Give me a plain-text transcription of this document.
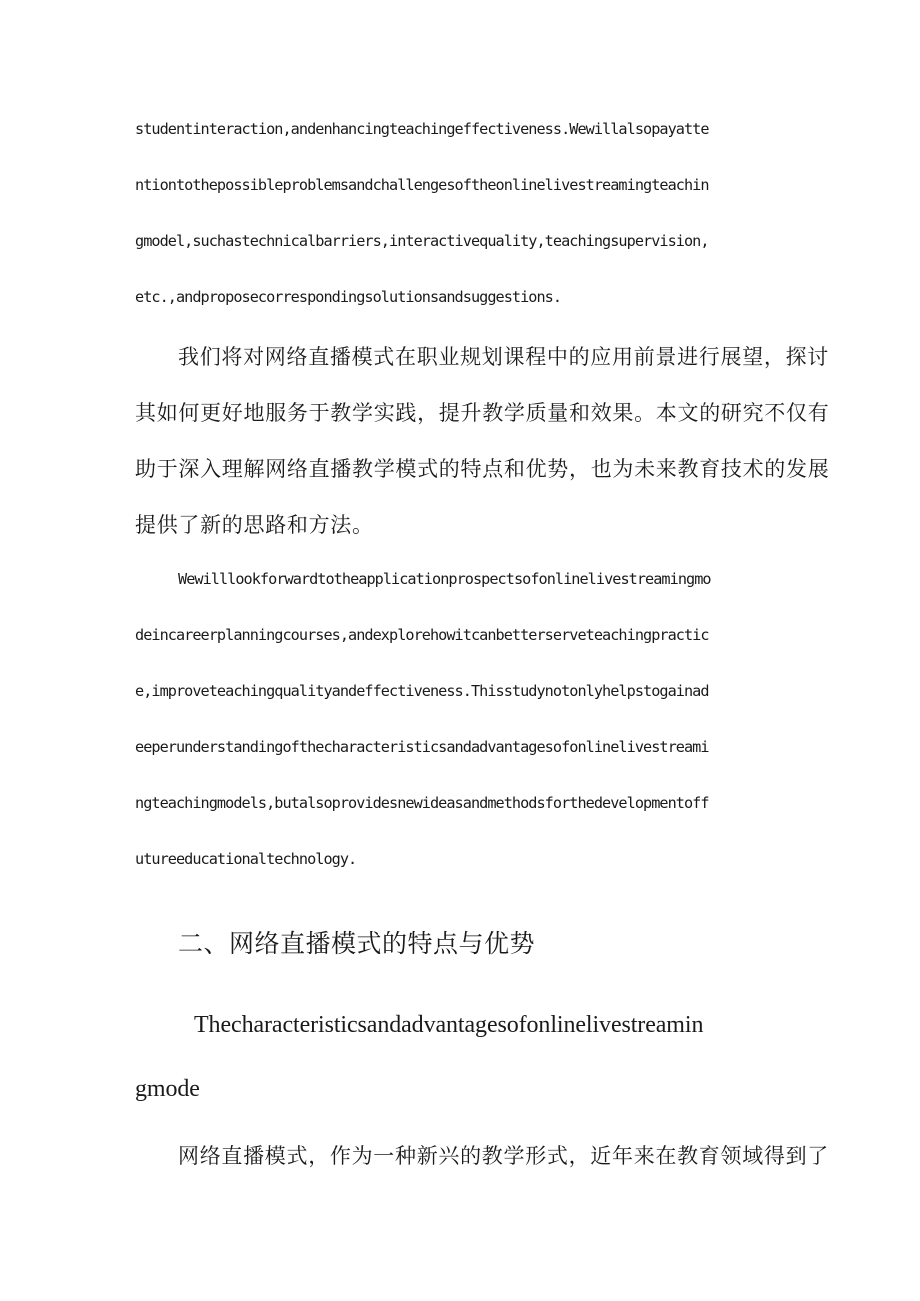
studentinteraction,andenhancingteachingeffectiveness.Wewillalsopayatte
ntiontothepossibleproblemsandchallengesoftheonlinelivestreamingteachin
gmodel,suchastechnicalbarriers,interactivequality,teachingsupervision,
etc.,andproposecorrespondingsolutionsandsuggestions.
我们将对网络直播模式在职业规划课程中的应用前景进行展望，探讨
其如何更好地服务于教学实践，提升教学质量和效果。本文的研究不仅有
助于深入理解网络直播教学模式的特点和优势，也为未来教育技术的发展
提供了新的思路和方法。
Wewilllookforwardtotheapplicationprospectsofonlinelivestreamingmo
deincareerplanningcourses,andexplorehowitcanbetterserveteachingpractic
e,improveteachingqualityandeffectiveness.Thisstudynotonlyhelpstogainad
eeperunderstandingofthecharacteristicsandadvantagesofonlinelivestreami
ngteachingmodels,butalsoprovidesnewideasandmethodsforthedevelopmentoff
utureeducationaltechnology.
二、网络直播模式的特点与优势
Thecharacteristicsandadvantagesofonlinelivestreamin
gmode
网络直播模式，作为一种新兴的教学形式，近年来在教育领域得到了
